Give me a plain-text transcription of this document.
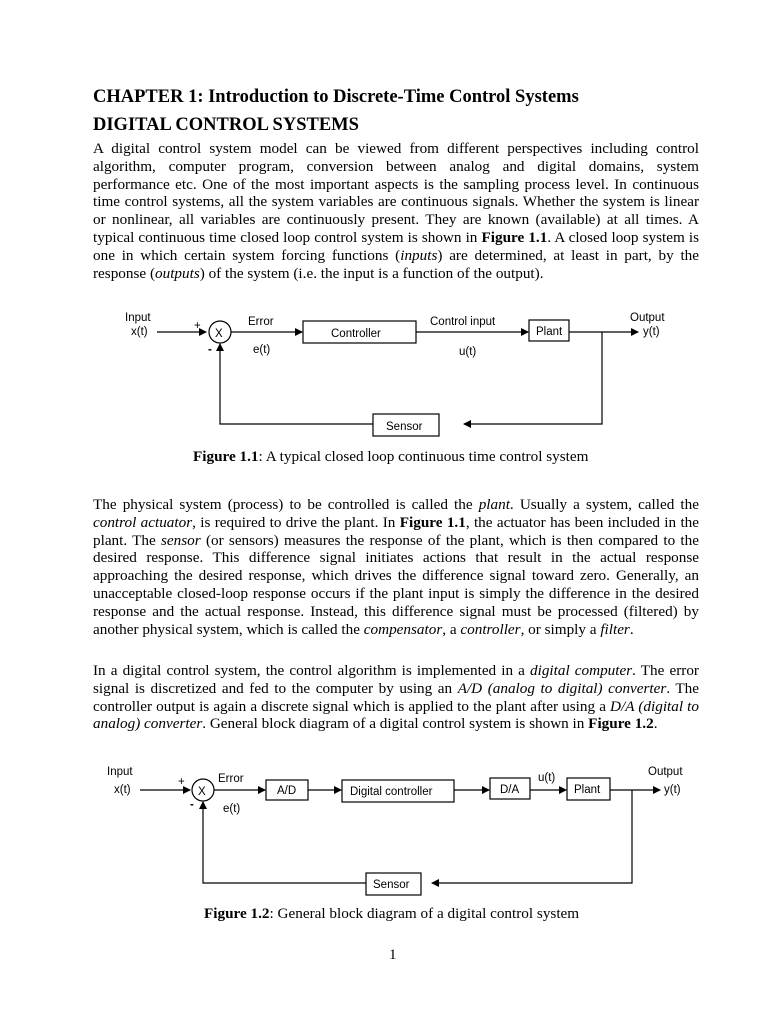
CHAPTER 1: Introduction to Discrete-Time Control Systems
DIGITAL CONTROL SYSTEMS

A digital control system model can be viewed from different perspectives including control algorithm, computer program, conversion between analog and digital domains, system performance etc. One of the most important aspects is the sampling process level. In continuous time control systems, all the system variables are continuous signals. Whether the system is linear or nonlinear, all variables are continuously present. They are known (available) at all times. A typical continuous time closed loop control system is shown in Figure 1.1. A closed loop system is one in which certain system forcing functions (inputs) are determined, at least in part, by the response (outputs) of the system (i.e. the input is a function of the output).

Input
x(t)	+
-
X
Error
e(t)
Controller
Control input
u(t)
Plant
Output
y(t)
Sensor
Figure 1.1: A typical closed loop continuous time control system

The physical system (process) to be controlled is called the plant. Usually a system, called the control actuator, is required to drive the plant. In Figure 1.1, the actuator has been included in the plant. The sensor (or sensors) measures the response of the plant, which is then compared to the desired response. This difference signal initiates actions that result in the actual response approaching the desired response, which drives the difference signal toward zero. Generally, an unacceptable closed-loop response occurs if the plant input is simply the difference in the desired response and the actual response. Instead, this difference signal must be processed (filtered) by another physical system, which is called the compensator, a controller, or simply a filter.

In a digital control system, the control algorithm is implemented in a digital computer. The error signal is discretized and fed to the computer by using an A/D (analog to digital) converter. The controller output is again a discrete signal which is applied to the plant after using a D/A (digital to analog) converter. General block diagram of a digital control system is shown in Figure 1.2.

Input
x(t)
+
-
X
Error
e(t)
A/D	Digital controller	D/A
u(t)
Plant
Output
y(t)
Sensor
Figure 1.2: General block diagram of a digital control system
1
